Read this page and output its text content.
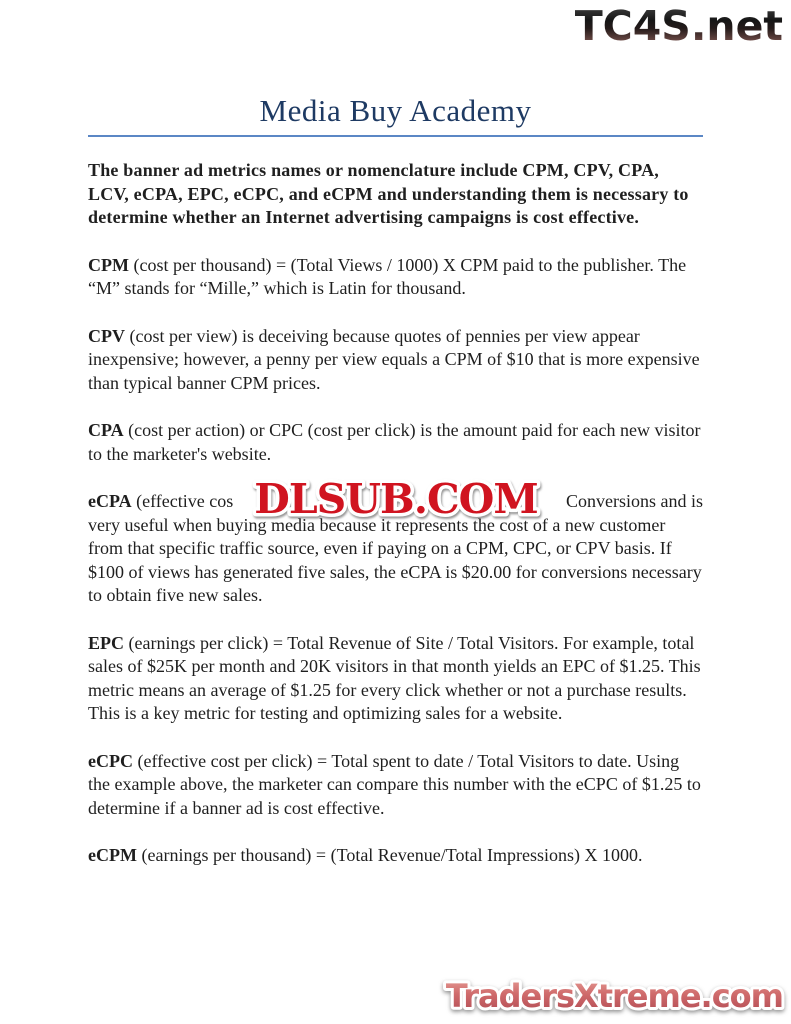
TC4S.net
Media Buy Academy

The banner ad metrics names or nomenclature include CPM, CPV, CPA, LCV, eCPA, EPC, eCPC, and eCPM and understanding them is necessary to determine whether an Internet advertising campaigns is cost effective.

CPM (cost per thousand) = (Total Views / 1000) X CPM paid to the publisher. The “M” stands for “Mille,” which is Latin for thousand.

CPV (cost per view) is deceiving because quotes of pennies per view appear inexpensive; however, a penny per view equals a CPM of $10 that is more expensive than typical banner CPM prices.

CPA (cost per action) or CPC (cost per click) is the amount paid for each new visitor to the marketer's website.

eCPA (effective cos	Conversions and is
very useful when buying media because it represents the cost of a new customer from that specific traffic source, even if paying on a CPM, CPC, or CPV basis. If $100 of views has generated five sales, the eCPA is $20.00 for conversions necessary to obtain five new sales.
DLSUB.COM

EPC (earnings per click) = Total Revenue of Site / Total Visitors. For example, total sales of $25K per month and 20K visitors in that month yields an EPC of $1.25. This metric means an average of $1.25 for every click whether or not a purchase results. This is a key metric for testing and optimizing sales for a website.

eCPC (effective cost per click) = Total spent to date / Total Visitors to date. Using the example above, the marketer can compare this number with the eCPC of $1.25 to determine if a banner ad is cost effective.

eCPM (earnings per thousand) = (Total Revenue/Total Impressions) X 1000.

TradersXtreme.com
